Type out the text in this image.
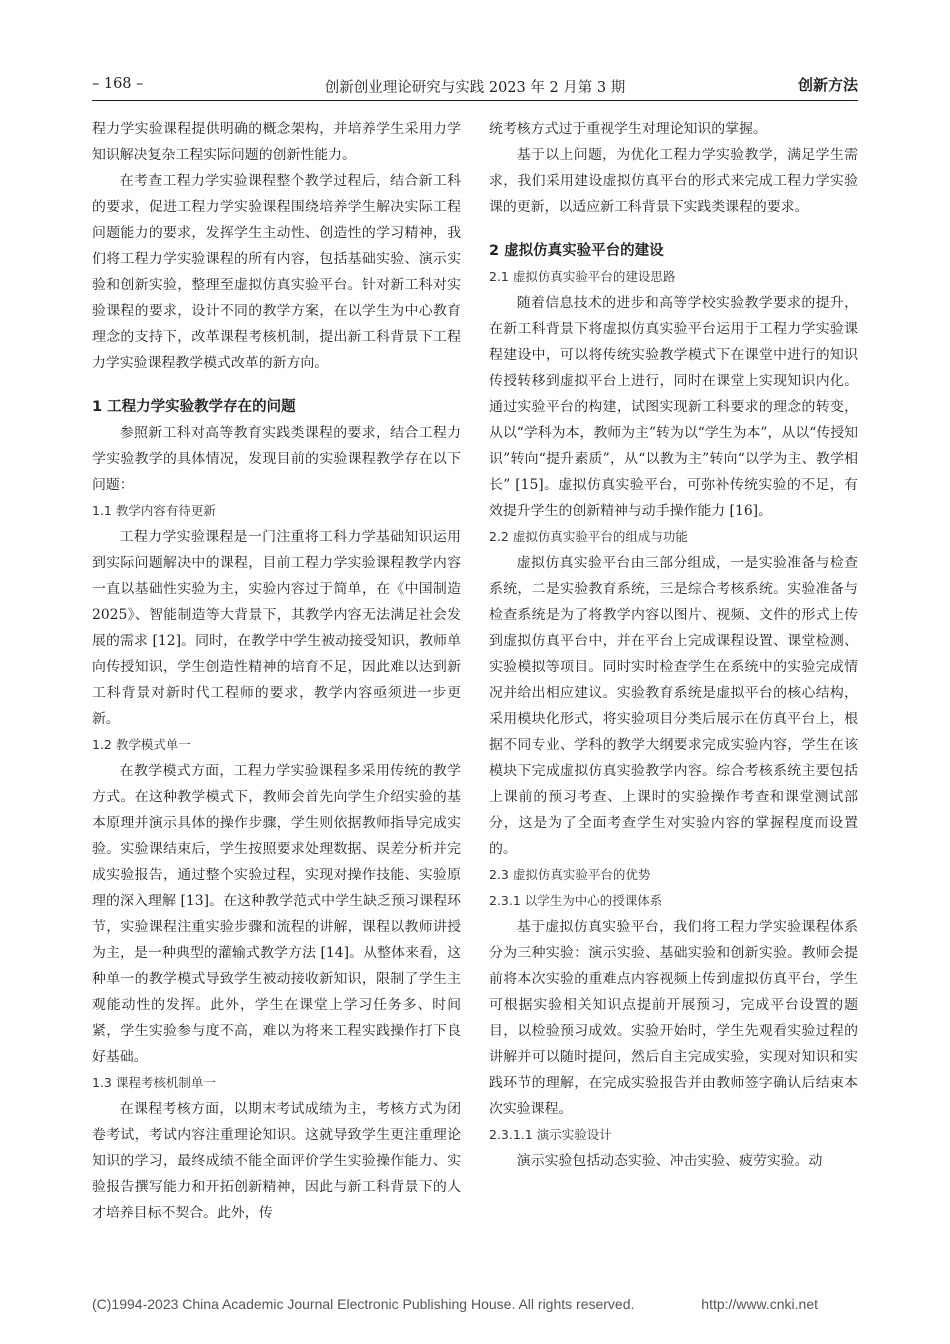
– 168 –	创新创业理论研究与实践 2023 年 2 月第 3 期	创新方法

程力学实验课程提供明确的概念架构，并培养学生采用力学知识解决复杂工程实际问题的创新性能力。

在考查工程力学实验课程整个教学过程后，结合新工科的要求，促进工程力学实验课程围绕培养学生解决实际工程问题能力的要求，发挥学生主动性、创造性的学习精神，我们将工程力学实验课程的所有内容，包括基础实验、演示实验和创新实验，整理至虚拟仿真实验平台。针对新工科对实验课程的要求，设计不同的教学方案，在以学生为中心教育理念的支持下，改革课程考核机制，提出新工科背景下工程力学实验课程教学模式改革的新方向。

1 工程力学实验教学存在的问题

参照新工科对高等教育实践类课程的要求，结合工程力学实验教学的具体情况，发现目前的实验课程教学存在以下问题：

1.1 教学内容有待更新

工程力学实验课程是一门注重将工科力学基础知识运用到实际问题解决中的课程，目前工程力学实验课程教学内容一直以基础性实验为主，实验内容过于简单，在《中国制造 2025》、智能制造等大背景下，其教学内容无法满足社会发展的需求 [12]。同时，在教学中学生被动接受知识，教师单向传授知识，学生创造性精神的培育不足，因此难以达到新工科背景对新时代工程师的要求，教学内容亟须进一步更新。

1.2 教学模式单一

在教学模式方面，工程力学实验课程多采用传统的教学方式。在这种教学模式下，教师会首先向学生介绍实验的基本原理并演示具体的操作步骤，学生则依据教师指导完成实验。实验课结束后，学生按照要求处理数据、误差分析并完成实验报告，通过整个实验过程，实现对操作技能、实验原理的深入理解 [13]。在这种教学范式中学生缺乏预习课程环节，实验课程注重实验步骤和流程的讲解，课程以教师讲授为主，是一种典型的灌输式教学方法 [14]。从整体来看，这种单一的教学模式导致学生被动接收新知识，限制了学生主观能动性的发挥。此外，学生在课堂上学习任务多、时间紧，学生实验参与度不高，难以为将来工程实践操作打下良好基础。

1.3 课程考核机制单一

在课程考核方面，以期末考试成绩为主，考核方式为闭卷考试，考试内容注重理论知识。这就导致学生更注重理论知识的学习，最终成绩不能全面评价学生实验操作能力、实验报告撰写能力和开拓创新精神，因此与新工科背景下的人才培养目标不契合。此外，传

统考核方式过于重视学生对理论知识的掌握。

基于以上问题，为优化工程力学实验教学，满足学生需求，我们采用建设虚拟仿真平台的形式来完成工程力学实验课的更新，以适应新工科背景下实践类课程的要求。

2 虚拟仿真实验平台的建设
2.1 虚拟仿真实验平台的建设思路

随着信息技术的进步和高等学校实验教学要求的提升，在新工科背景下将虚拟仿真实验平台运用于工程力学实验课程建设中，可以将传统实验教学模式下在课堂中进行的知识传授转移到虚拟平台上进行，同时在课堂上实现知识内化。通过实验平台的构建，试图实现新工科要求的理念的转变，从以“学科为本，教师为主”转为以“学生为本”，从以“传授知识”转向“提升素质”，从“以教为主”转向“以学为主、教学相长” [15]。虚拟仿真实验平台，可弥补传统实验的不足，有效提升学生的创新精神与动手操作能力 [16]。

2.2 虚拟仿真实验平台的组成与功能

虚拟仿真实验平台由三部分组成，一是实验准备与检查系统，二是实验教育系统，三是综合考核系统。实验准备与检查系统是为了将教学内容以图片、视频、文件的形式上传到虚拟仿真平台中，并在平台上完成课程设置、课堂检测、实验模拟等项目。同时实时检查学生在系统中的实验完成情况并给出相应建议。实验教育系统是虚拟平台的核心结构，采用模块化形式，将实验项目分类后展示在仿真平台上，根据不同专业、学科的教学大纲要求完成实验内容，学生在该模块下完成虚拟仿真实验教学内容。综合考核系统主要包括上课前的预习考查、上课时的实验操作考查和课堂测试部分，这是为了全面考查学生对实验内容的掌握程度而设置的。

2.3 虚拟仿真实验平台的优势
2.3.1 以学生为中心的授课体系

基于虚拟仿真实验平台，我们将工程力学实验课程体系分为三种实验：演示实验、基础实验和创新实验。教师会提前将本次实验的重难点内容视频上传到虚拟仿真平台，学生可根据实验相关知识点提前开展预习，完成平台设置的题目，以检验预习成效。实验开始时，学生先观看实验过程的讲解并可以随时提问，然后自主完成实验，实现对知识和实践环节的理解，在完成实验报告并由教师签字确认后结束本次实验课程。

2.3.1.1 演示实验设计

演示实验包括动态实验、冲击实验、疲劳实验。动

(C)1994-2023 China Academic Journal Electronic Publishing House. All rights reserved.	http://www.cnki.net
